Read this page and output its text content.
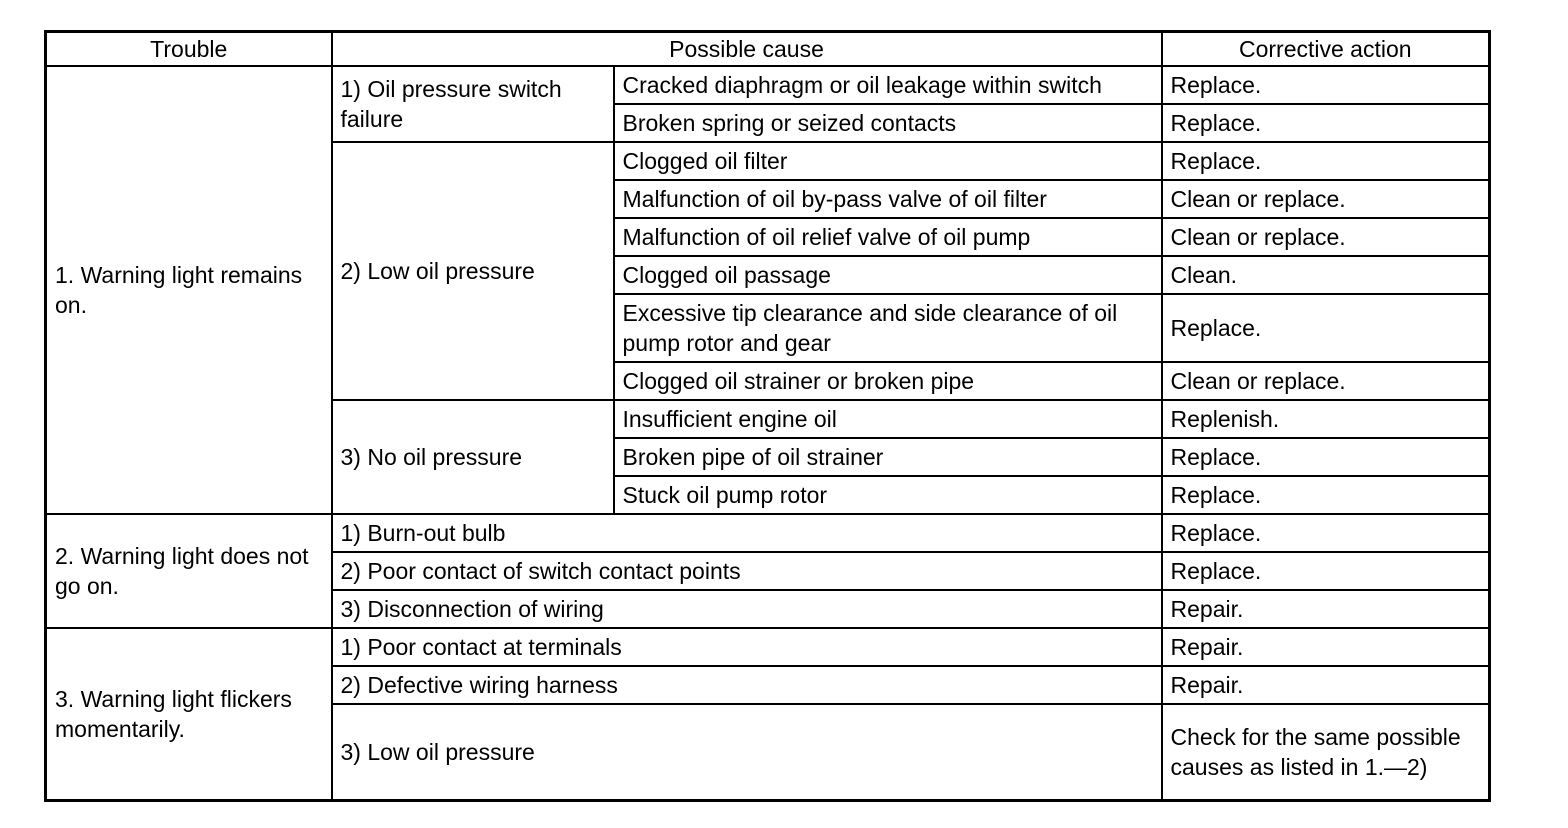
Trouble	Possible cause		Corrective action
1. Warning light remains on.	1) Oil pressure switch failure	Cracked diaphragm or oil leakage within switch	Replace.
		Broken spring or seized contacts	Replace.
	2) Low oil pressure	Clogged oil filter	Replace.
		Malfunction of oil by-pass valve of oil filter	Clean or replace.
		Malfunction of oil relief valve of oil pump	Clean or replace.
		Clogged oil passage	Clean.
		Excessive tip clearance and side clearance of oil pump rotor and gear	Replace.
		Clogged oil strainer or broken pipe	Clean or replace.
	3) No oil pressure	Insufficient engine oil	Replenish.
		Broken pipe of oil strainer	Replace.
		Stuck oil pump rotor	Replace.
2. Warning light does not go on.	1) Burn-out bulb		Replace.
	2) Poor contact of switch contact points		Replace.
	3) Disconnection of wiring		Repair.
3. Warning light flickers momentarily.	1) Poor contact at terminals		Repair.
	2) Defective wiring harness		Repair.
	3) Low oil pressure		Check for the same possible causes as listed in 1.—2)
